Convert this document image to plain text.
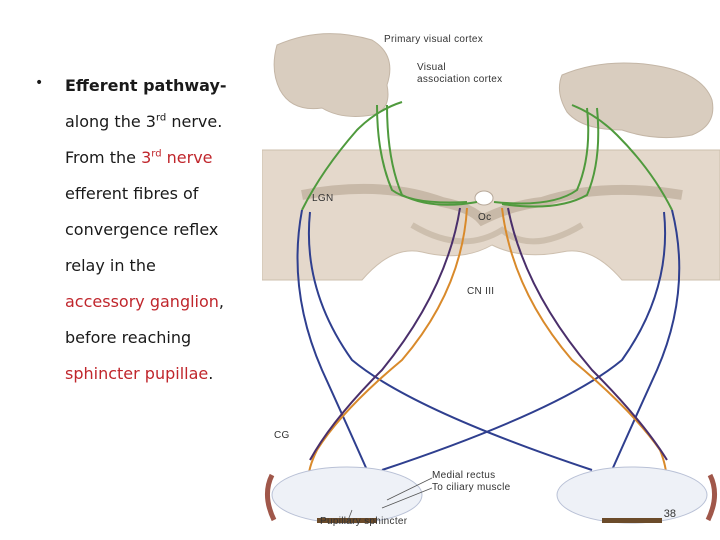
• Efferent pathway-
along the 3rd nerve.
From the 3rd nerve
efferent fibres of
convergence reflex
relay in the
accessory ganglion,
before reaching
sphincter pupillae.
Primary visual cortex
Visual
association cortex
LGN
Oc
CN III
CG
Medial rectus
To ciliary muscle
Pupillary sphincter
38
